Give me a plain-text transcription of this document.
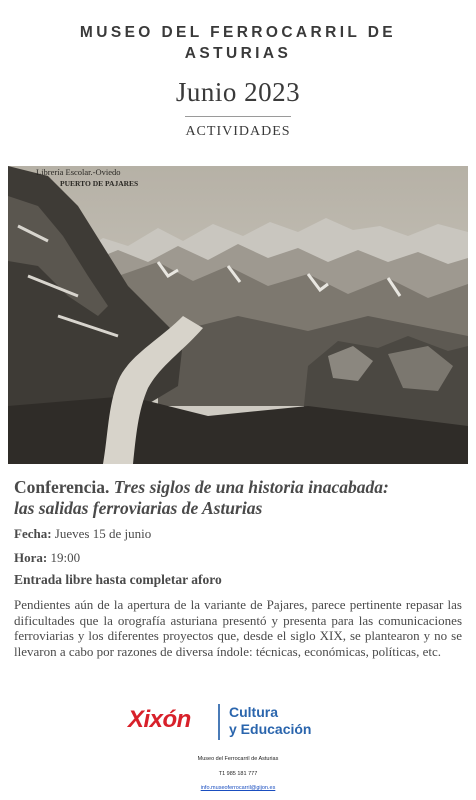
MUSEO DEL FERROCARRIL DE
ASTURIAS
Junio 2023
ACTIVIDADES
Librería Escolar.-Oviedo
PUERTO DE PAJARES
Conferencia. Tres siglos de una historia inacabada:
las salidas ferroviarias de Asturias
Fecha: Jueves 15 de junio
Hora: 19:00
Entrada libre hasta completar aforo
Pendientes aún de la apertura de la variante de Pajares, parece pertinente repasar las dificultades que la orografía asturiana presentó y presenta para las comunicaciones ferroviarias y los diferentes proyectos que, desde el siglo XIX, se plantearon y no se llevaron a cabo por razones de diversa índole: técnicas, económicas, políticas, etc.
Xixón	Cultura
y Educación
Museo del Ferrocarril de Asturias
T1 985 181 777
info.museoferrocarril@gijon.es
